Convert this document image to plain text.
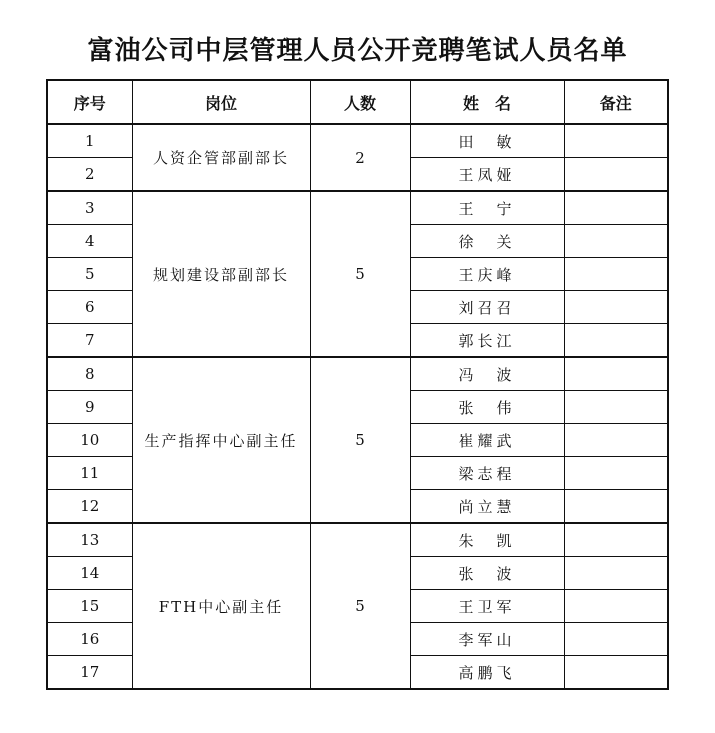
富油公司中层管理人员公开竞聘笔试人员名单
序号	岗位	人数	姓　名	备注
1	人资企管部副部长	2	田　敏	
2			王凤娅	
3	规划建设部副部长	5	王　宁	
4			徐　关	
5			王庆峰	
6			刘召召	
7			郭长江	
8	生产指挥中心副主任	5	冯　波	
9			张　伟	
10			崔耀武	
11			梁志程	
12			尚立慧	
13	FTH中心副主任	5	朱　凯	
14			张　波	
15			王卫军	
16			李军山	
17			高鹏飞	
